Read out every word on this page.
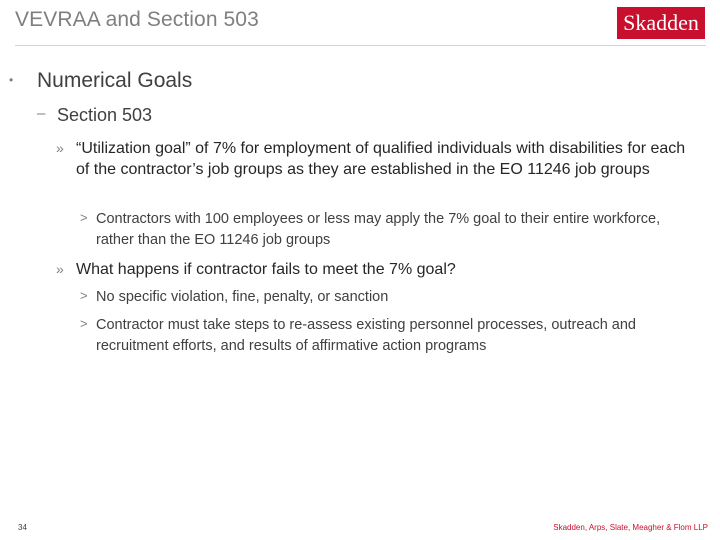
VEVRAA and Section 503	Skadden
• Numerical Goals
– Section 503
» “Utilization goal” of 7% for employment of qualified individuals with disabilities for each of the contractor’s job groups as they are established in the EO 11246 job groups
> Contractors with 100 employees or less may apply the 7% goal to their entire workforce, rather than the EO 11246 job groups
» What happens if contractor fails to meet the 7% goal?
> No specific violation, fine, penalty, or sanction
> Contractor must take steps to re-assess existing personnel processes, outreach and recruitment efforts, and results of affirmative action programs
34	Skadden, Arps, Slate, Meagher & Flom LLP
